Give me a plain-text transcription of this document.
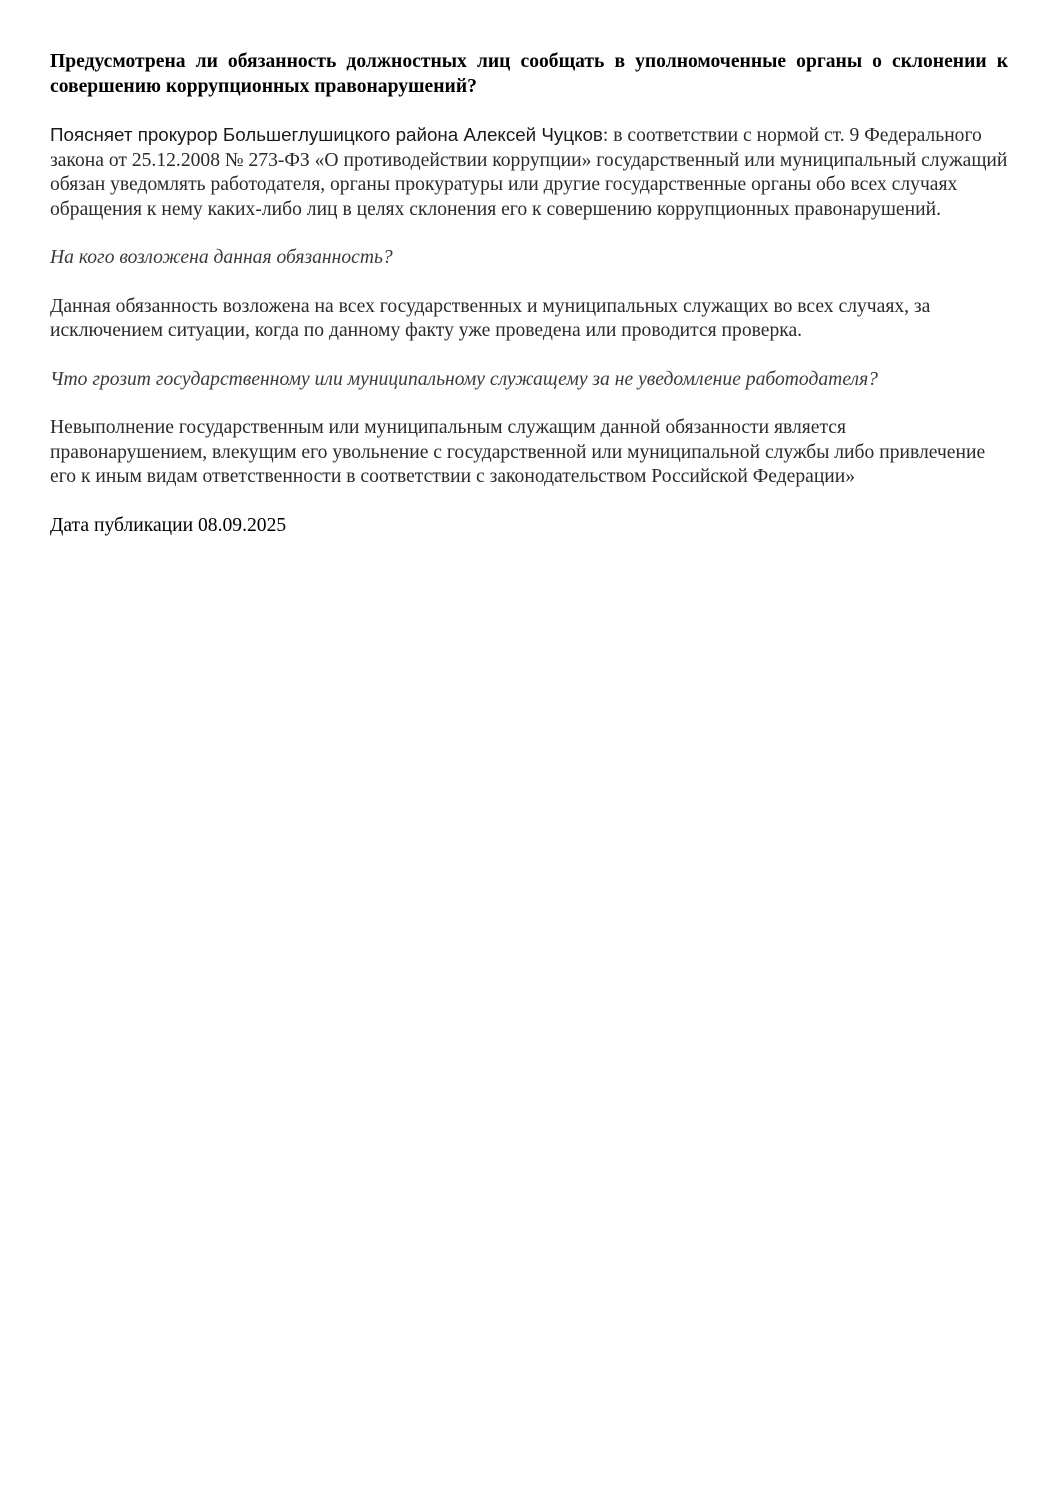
Предусмотрена ли обязанность должностных лиц сообщать в уполномоченные органы о склонении к совершению коррупционных правонарушений?

Поясняет прокурор Большеглушицкого района Алексей Чуцков: в соответствии с нормой ст. 9 Федерального закона от 25.12.2008 № 273-ФЗ «О противодействии коррупции» государственный или муниципальный служащий обязан уведомлять работодателя, органы прокуратуры или другие государственные органы обо всех случаях обращения к нему каких-либо лиц в целях склонения его к совершению коррупционных правонарушений.

На кого возложена данная обязанность?

Данная обязанность возложена на всех государственных и муниципальных служащих во всех случаях, за исключением ситуации, когда по данному факту уже проведена или проводится проверка.

Что грозит государственному или муниципальному служащему за не уведомление работодателя?

Невыполнение государственным или муниципальным служащим данной обязанности является правонарушением, влекущим его увольнение с государственной или муниципальной службы либо привлечение его к иным видам ответственности в соответствии с законодательством Российской Федерации»

Дата публикации 08.09.2025
